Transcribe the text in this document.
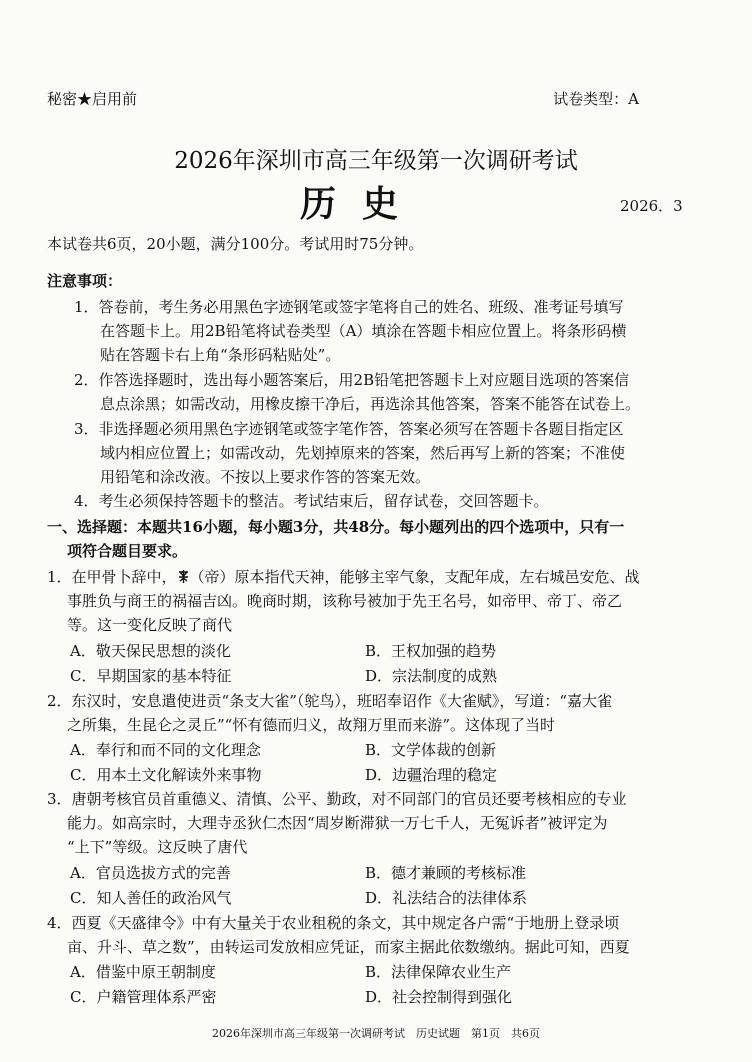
秘密★启用前	试卷类型：A
2026年深圳市高三年级第一次调研考试
历史	2026．3
本试卷共6页，20小题，满分100分。考试用时75分钟。
注意事项：
1．答卷前，考生务必用黑色字迹钢笔或签字笔将自己的姓名、班级、准考证号填写
在答题卡上。用2B铅笔将试卷类型（A）填涂在答题卡相应位置上。将条形码横
贴在答题卡右上角“条形码粘贴处”。
2．作答选择题时，选出每小题答案后，用2B铅笔把答题卡上对应题目选项的答案信
息点涂黑；如需改动，用橡皮擦干净后，再选涂其他答案，答案不能答在试卷上。
3．非选择题必须用黑色字迹钢笔或签字笔作答，答案必须写在答题卡各题目指定区
域内相应位置上；如需改动，先划掉原来的答案，然后再写上新的答案；不准使
用铅笔和涂改液。不按以上要求作答的答案无效。
4．考生必须保持答题卡的整洁。考试结束后，留存试卷，交回答题卡。
一、选择题：本题共16小题，每小题3分，共48分。每小题列出的四个选项中，只有一
项符合题目要求。
1．在甲骨卜辞中， （帝）原本指代天神，能够主宰气象，支配年成，左右城邑安危、战
事胜负与商王的祸福吉凶。晚商时期，该称号被加于先王名号，如帝甲、帝丁、帝乙
等。这一变化反映了商代
A．敬天保民思想的淡化	B．王权加强的趋势
C．早期国家的基本特征	D．宗法制度的成熟
2．东汉时，安息遣使进贡“条支大雀”（鸵鸟），班昭奉诏作《大雀赋》，写道：“嘉大雀
之所集，生昆仑之灵丘”“怀有德而归义，故翔万里而来游”。这体现了当时
A．奉行和而不同的文化理念	B．文学体裁的创新
C．用本土文化解读外来事物	D．边疆治理的稳定
3．唐朝考核官员首重德义、清慎、公平、勤政，对不同部门的官员还要考核相应的专业
能力。如高宗时，大理寺丞狄仁杰因“周岁断滞狱一万七千人，无冤诉者”被评定为
“上下”等级。这反映了唐代
A．官员选拔方式的完善	B．德才兼顾的考核标准
C．知人善任的政治风气	D．礼法结合的法律体系
4．西夏《天盛律令》中有大量关于农业租税的条文，其中规定各户需“于地册上登录顷
亩、升斗、草之数”，由转运司发放相应凭证，而家主据此依数缴纳。据此可知，西夏
A．借鉴中原王朝制度	B．法律保障农业生产
C．户籍管理体系严密	D．社会控制得到强化
2026年深圳市高三年级第一次调研考试　历史试题　第1页　共6页
